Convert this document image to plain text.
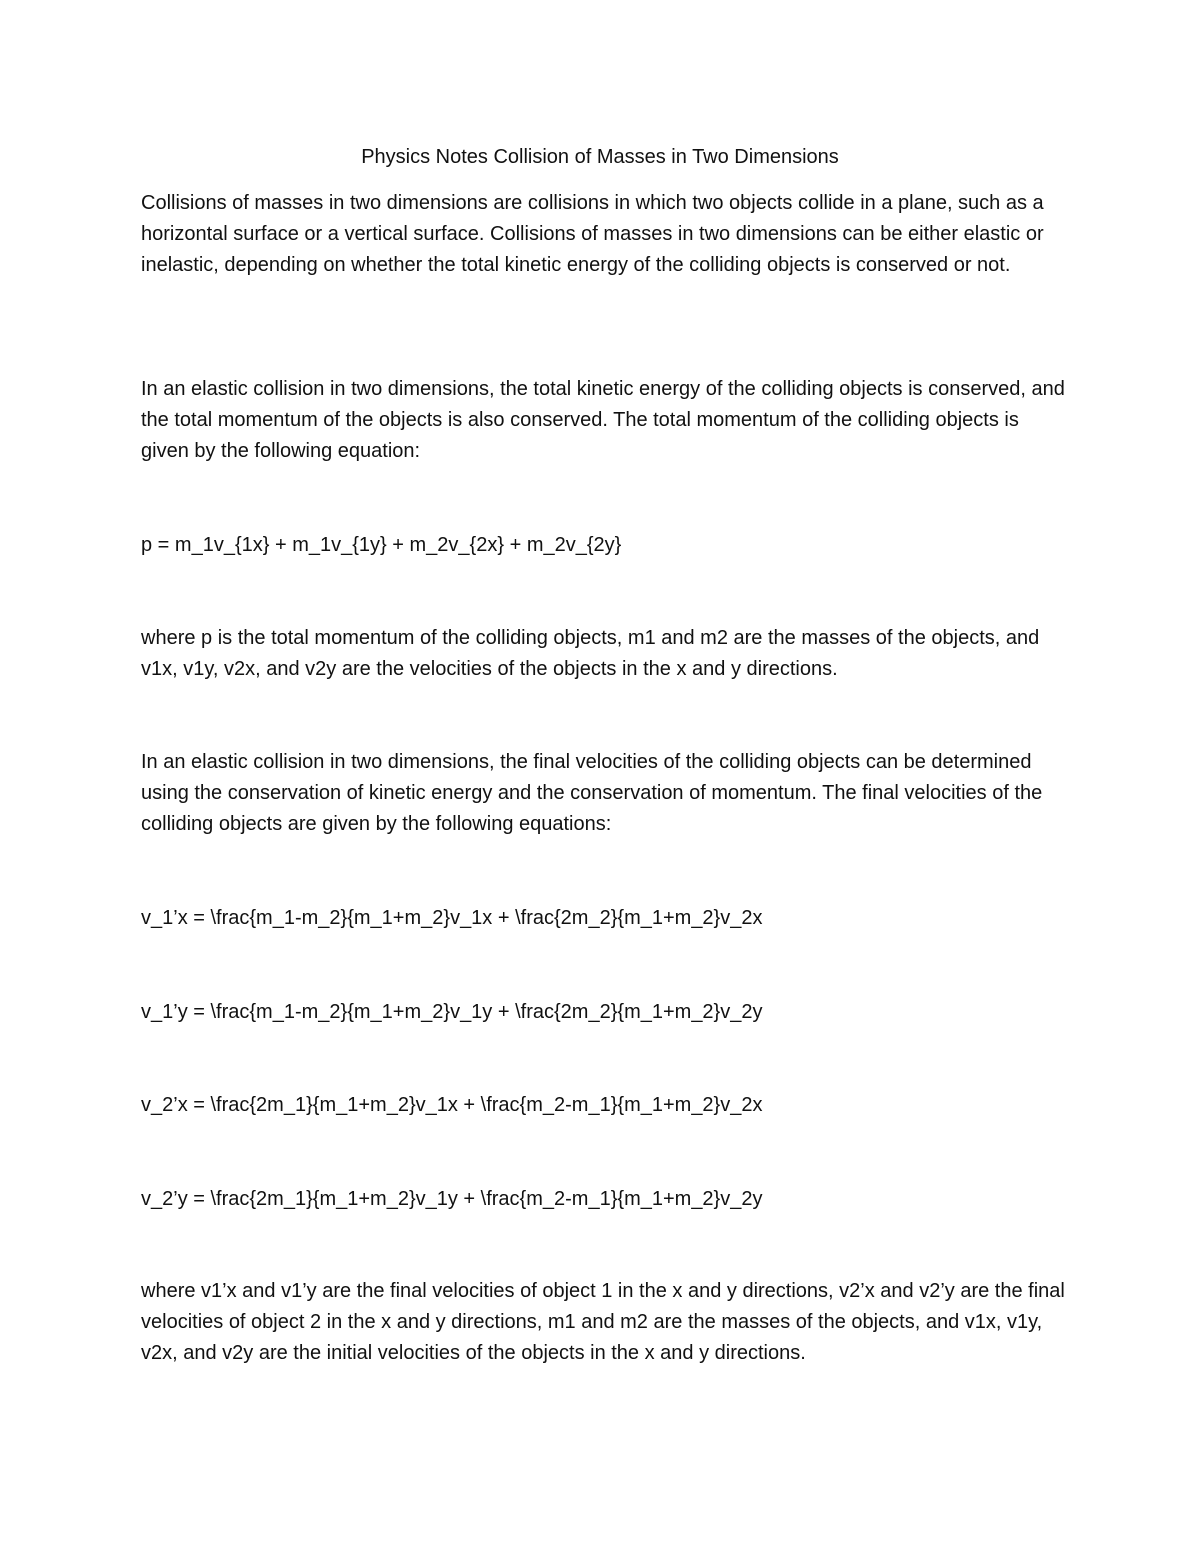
Physics Notes Collision of Masses in Two Dimensions

Collisions of masses in two dimensions are collisions in which two objects collide in a plane, such as a horizontal surface or a vertical surface. Collisions of masses in two dimensions can be either elastic or inelastic, depending on whether the total kinetic energy of the colliding objects is conserved or not.

In an elastic collision in two dimensions, the total kinetic energy of the colliding objects is conserved, and the total momentum of the objects is also conserved. The total momentum of the colliding objects is given by the following equation:

p = m_1v_{1x} + m_1v_{1y} + m_2v_{2x} + m_2v_{2y}

where p is the total momentum of the colliding objects, m1 and m2 are the masses of the objects, and v1x, v1y, v2x, and v2y are the velocities of the objects in the x and y directions.

In an elastic collision in two dimensions, the final velocities of the colliding objects can be determined using the conservation of kinetic energy and the conservation of momentum. The final velocities of the colliding objects are given by the following equations:

v_1’x = \frac{m_1-m_2}{m_1+m_2}v_1x + \frac{2m_2}{m_1+m_2}v_2x

v_1’y = \frac{m_1-m_2}{m_1+m_2}v_1y + \frac{2m_2}{m_1+m_2}v_2y

v_2’x = \frac{2m_1}{m_1+m_2}v_1x + \frac{m_2-m_1}{m_1+m_2}v_2x

v_2’y = \frac{2m_1}{m_1+m_2}v_1y + \frac{m_2-m_1}{m_1+m_2}v_2y

where v1’x and v1’y are the final velocities of object 1 in the x and y directions, v2’x and v2’y are the final velocities of object 2 in the x and y directions, m1 and m2 are the masses of the objects, and v1x, v1y, v2x, and v2y are the initial velocities of the objects in the x and y directions.
